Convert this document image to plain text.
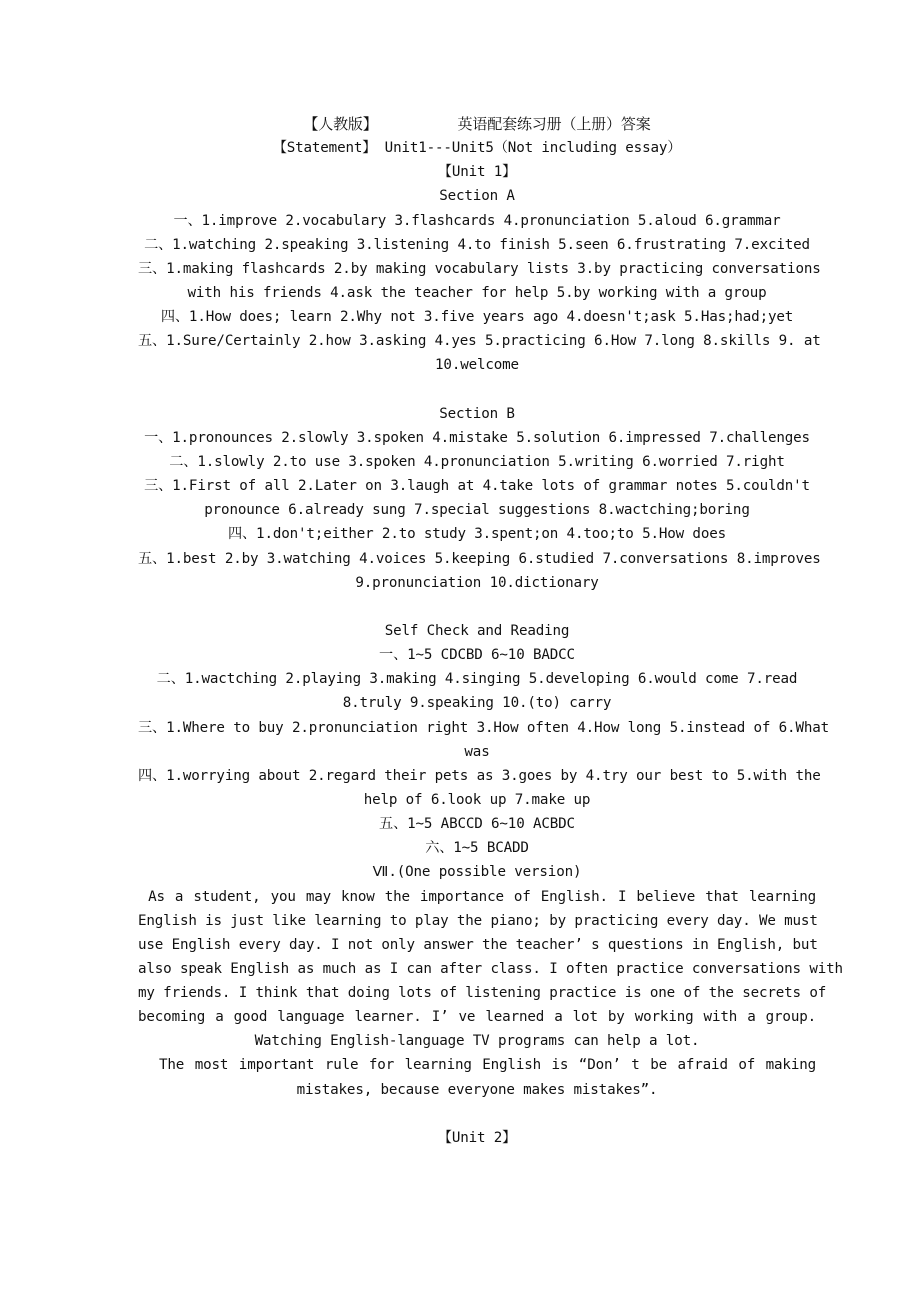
【人教版】         英语配套练习册（上册）答案
【Statement】 Unit1---Unit5（Not including essay）
【Unit 1】
Section A
一、1.improve 2.vocabulary 3.flashcards 4.pronunciation 5.aloud 6.grammar
二、1.watching 2.speaking 3.listening 4.to finish 5.seen 6.frustrating 7.excited
三、1.making flashcards 2.by making vocabulary lists 3.by practicing conversations
with his friends 4.ask the teacher for help 5.by working with a group
四、1.How does; learn 2.Why not 3.five years ago 4.doesn't;ask 5.Has;had;yet
五、1.Sure/Certainly 2.how 3.asking 4.yes 5.practicing 6.How 7.long 8.skills 9. at
10.welcome
Section B
一、1.pronounces 2.slowly 3.spoken 4.mistake 5.solution 6.impressed 7.challenges
二、1.slowly 2.to use 3.spoken 4.pronunciation 5.writing 6.worried 7.right
三、1.First of all 2.Later on 3.laugh at 4.take lots of grammar notes 5.couldn't
pronounce 6.already sung 7.special suggestions 8.wactching;boring
四、1.don't;either 2.to study 3.spent;on 4.too;to 5.How does
五、1.best 2.by 3.watching 4.voices 5.keeping 6.studied 7.conversations 8.improves
9.pronunciation 10.dictionary
Self Check and Reading
一、1~5 CDCBD 6~10 BADCC
二、1.wactching 2.playing 3.making 4.singing 5.developing 6.would come 7.read
8.truly 9.speaking 10.(to) carry
三、1.Where to buy 2.pronunciation right 3.How often 4.How long 5.instead of 6.What
was
四、1.worrying about 2.regard their pets as 3.goes by 4.try our best to 5.with the
help of 6.look up 7.make up
五、1~5 ABCCD 6~10 ACBDC
六、1~5 BCADD
Ⅶ.(One possible version)
As a student, you may know the importance of English. I believe that learning
English is just like learning to play the piano; by practicing every day. We must
use English every day. I not only answer the teacher’ s questions in English, but
also speak English as much as I can after class. I often practice conversations with
my friends. I think that doing lots of listening practice is one of the secrets of
becoming a good language learner. I’ ve learned a lot by working with a group.
Watching English-language TV programs can help a lot.
The most important rule for learning English is “Don’ t be afraid of making
mistakes, because everyone makes mistakes”.
【Unit 2】
